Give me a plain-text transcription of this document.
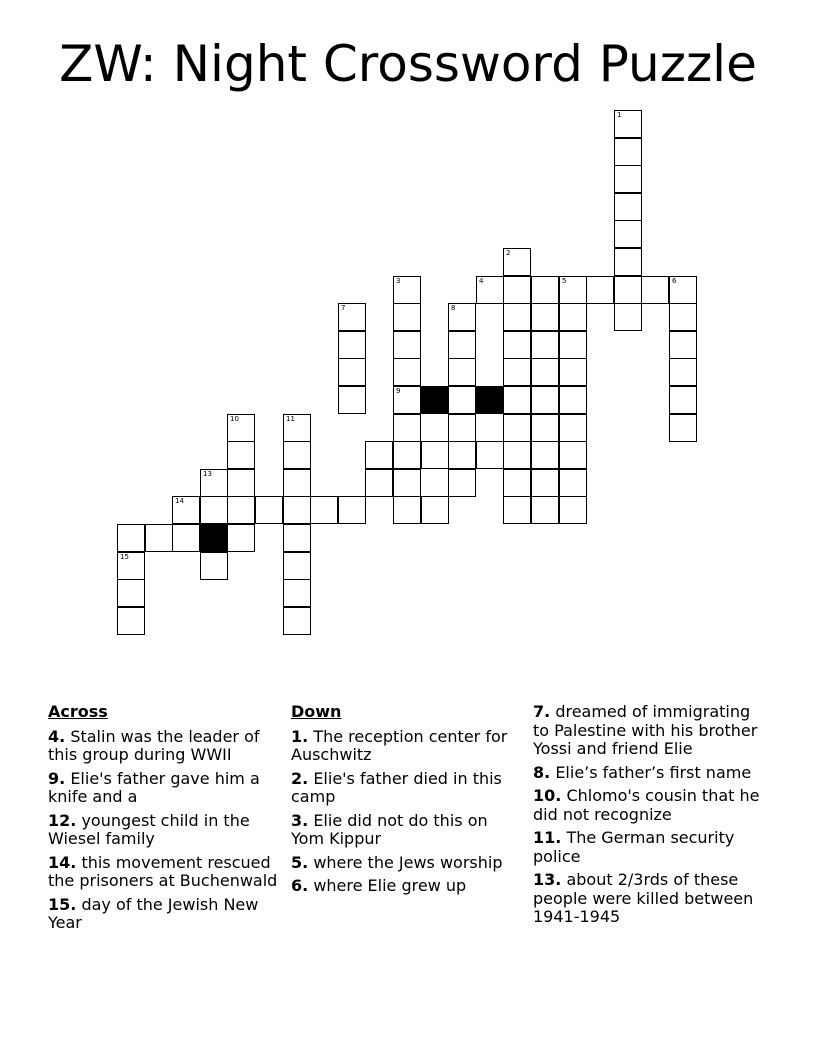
ZW: Night Crossword Puzzle
1
2
3
9
4	5	6
7	8
10	11
13
14
15
Across
4. Stalin was the leader of this group during WWII
9. Elie's father gave him a knife and a
12. youngest child in the Wiesel family
14. this movement rescued the prisoners at Buchenwald
15. day of the Jewish New Year
Down
1. The reception center for Auschwitz
2. Elie's father died in this camp
3. Elie did not do this on Yom Kippur
5. where the Jews worship
6. where Elie grew up
7. dreamed of immigrating to Palestine with his brother Yossi and friend Elie
8. Elie’s father’s first name
10. Chlomo's cousin that he did not recognize
11. The German security police
13. about 2/3rds of these people were killed between 1941-1945
